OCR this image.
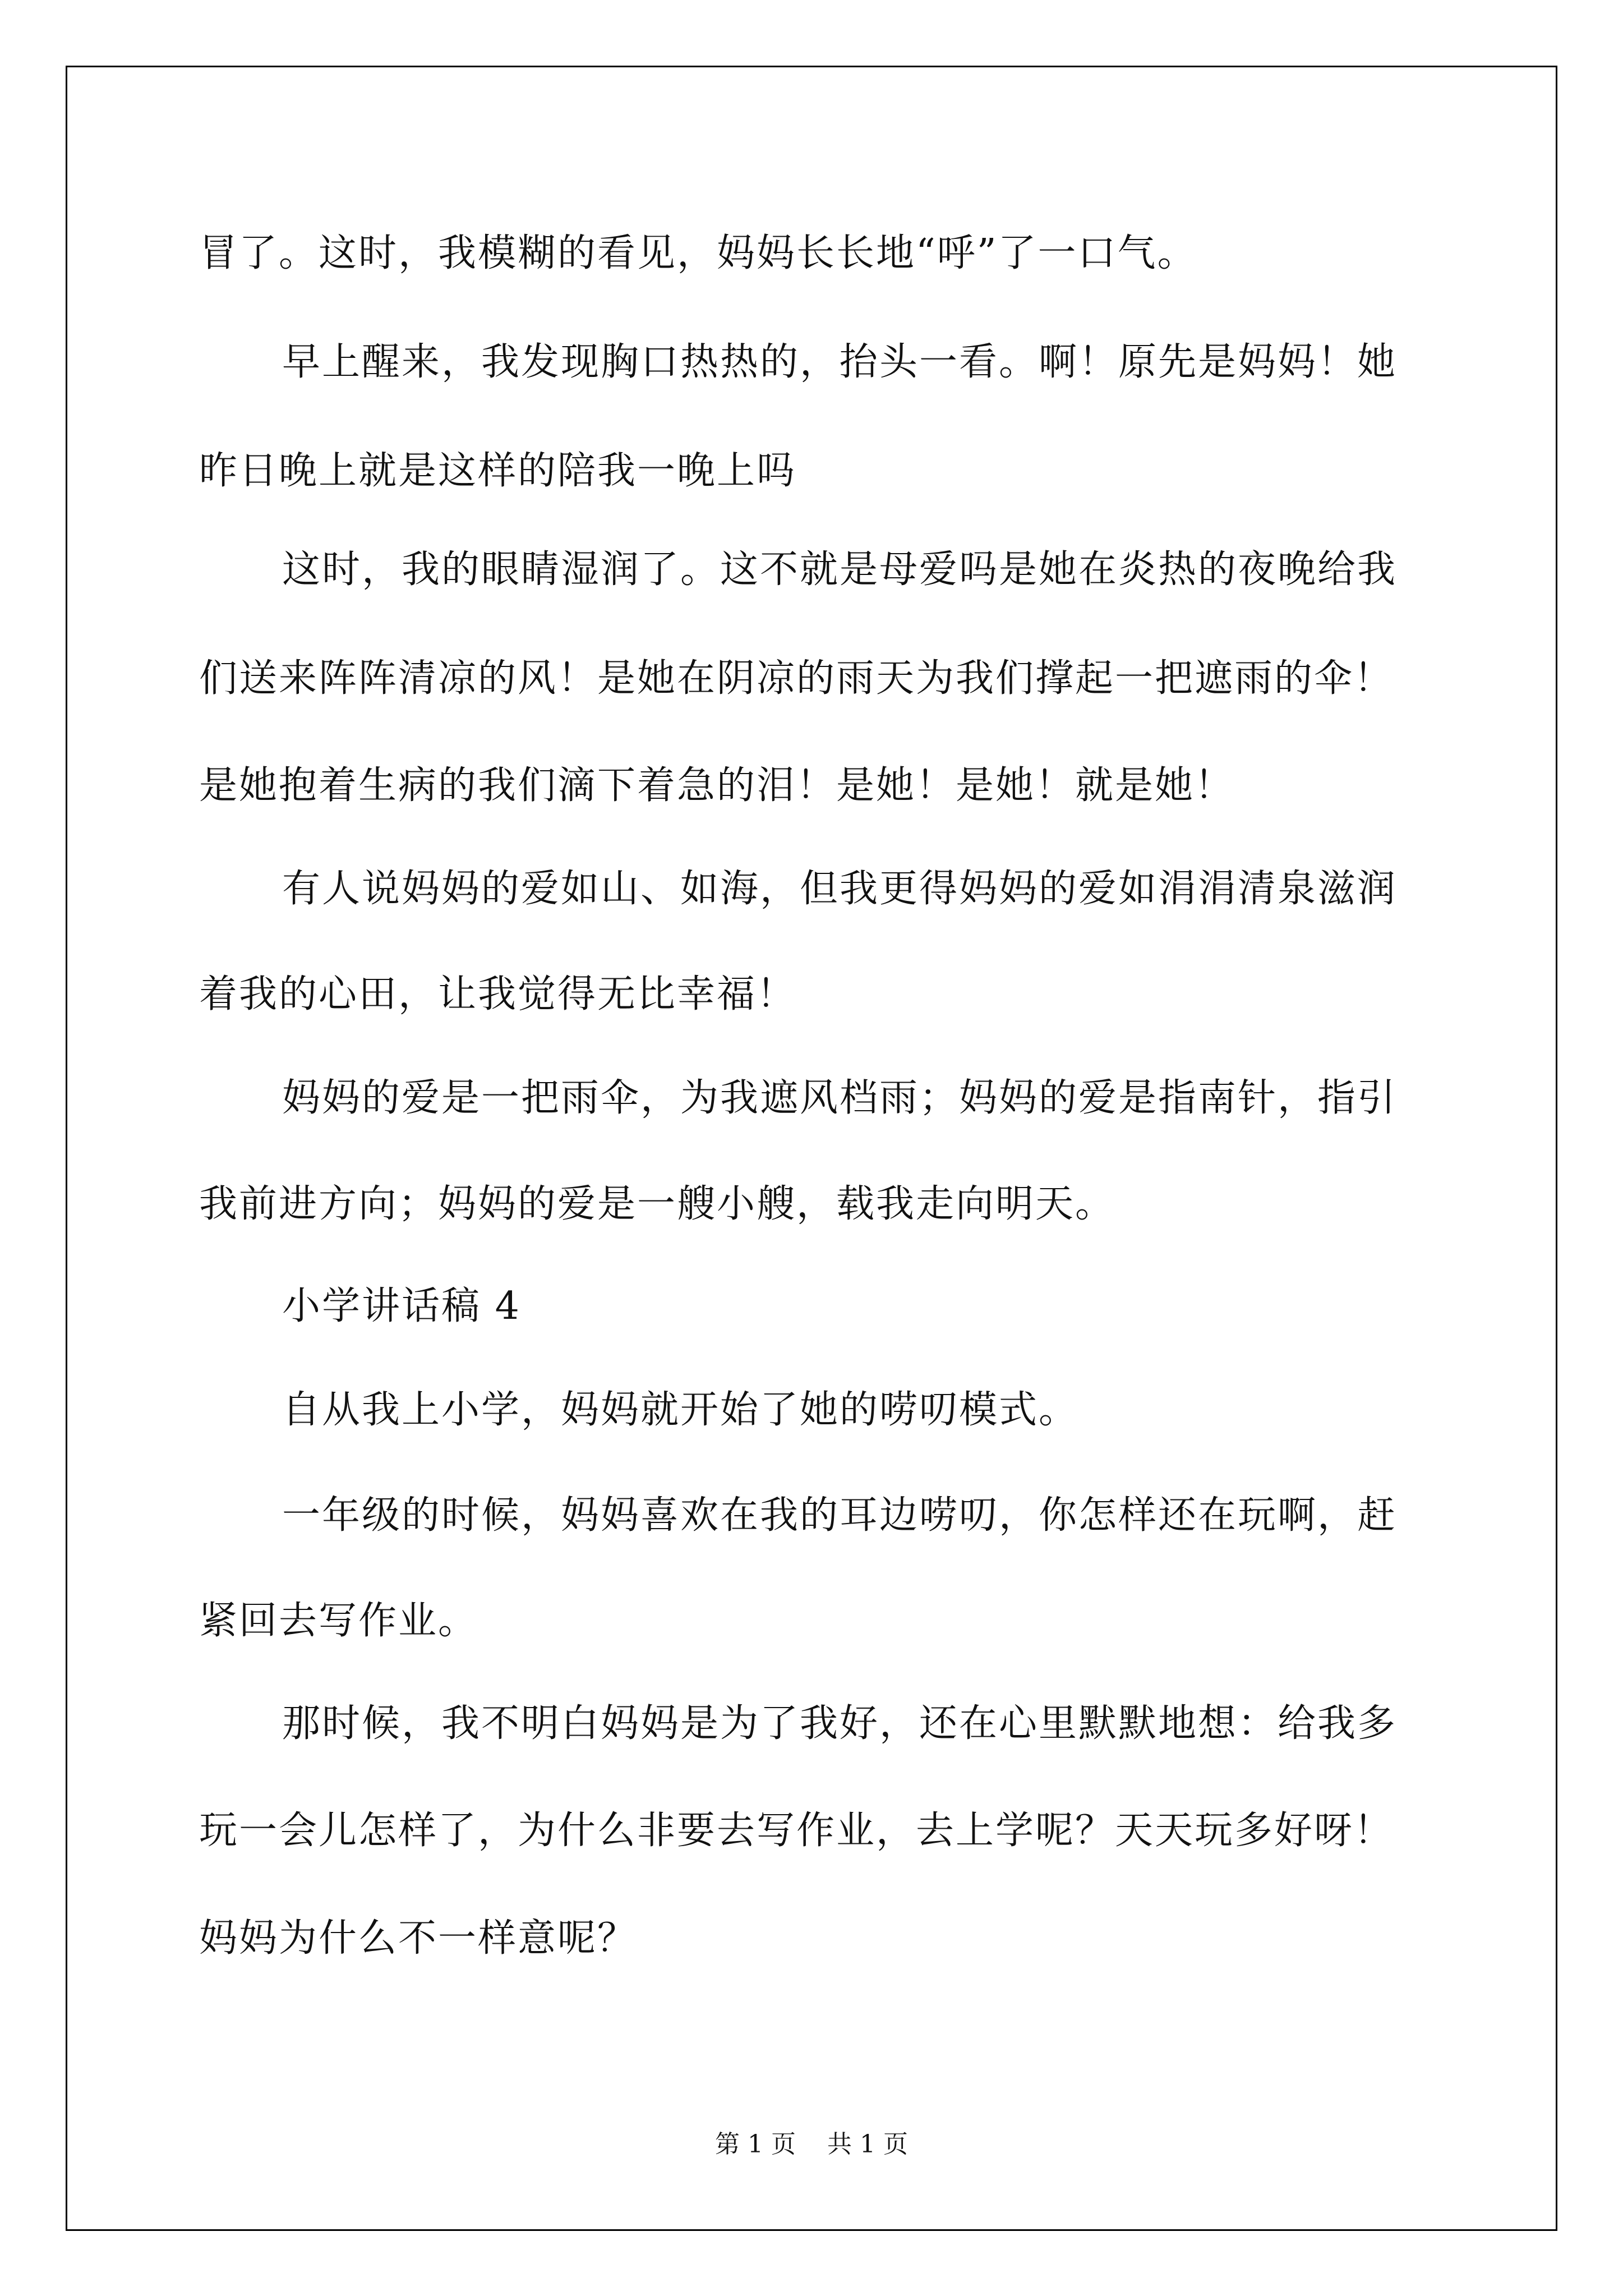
冒了。这时，我模糊的看见，妈妈长长地“呼”了一口气。

早上醒来，我发现胸口热热的，抬头一看。啊！原先是妈妈！她

昨日晚上就是这样的陪我一晚上吗

这时，我的眼睛湿润了。这不就是母爱吗是她在炎热的夜晚给我

们送来阵阵清凉的风！是她在阴凉的雨天为我们撑起一把遮雨的伞！

是她抱着生病的我们滴下着急的泪！是她！是她！就是她！

有人说妈妈的爱如山、如海，但我更得妈妈的爱如涓涓清泉滋润

着我的心田，让我觉得无比幸福！

妈妈的爱是一把雨伞，为我遮风档雨；妈妈的爱是指南针，指引

我前进方向；妈妈的爱是一艘小艘，载我走向明天。

小学讲话稿 4

自从我上小学，妈妈就开始了她的唠叨模式。

一年级的时候，妈妈喜欢在我的耳边唠叨，你怎样还在玩啊，赶

紧回去写作业。

那时候，我不明白妈妈是为了我好，还在心里默默地想：给我多

玩一会儿怎样了，为什么非要去写作业，去上学呢？天天玩多好呀！

妈妈为什么不一样意呢？

第 1 页 共 1 页
